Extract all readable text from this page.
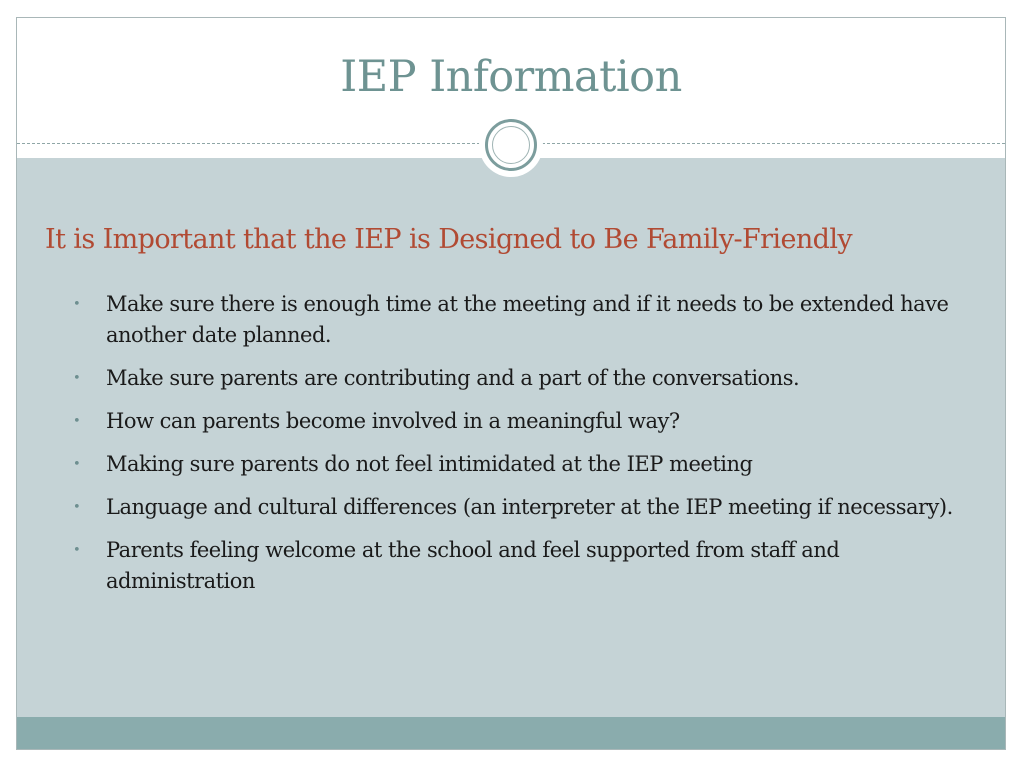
IEP Information
It is Important that the IEP is Designed to Be Family-Friendly
• Make sure there is enough time at the meeting and if it needs to be extended have another date planned.
• Make sure parents are contributing and a part of the conversations.
• How can parents become involved in a meaningful way?
• Making sure parents do not feel intimidated at the IEP meeting
• Language and cultural differences (an interpreter at the IEP meeting if necessary).
• Parents feeling welcome at the school and feel supported from staff and administration
